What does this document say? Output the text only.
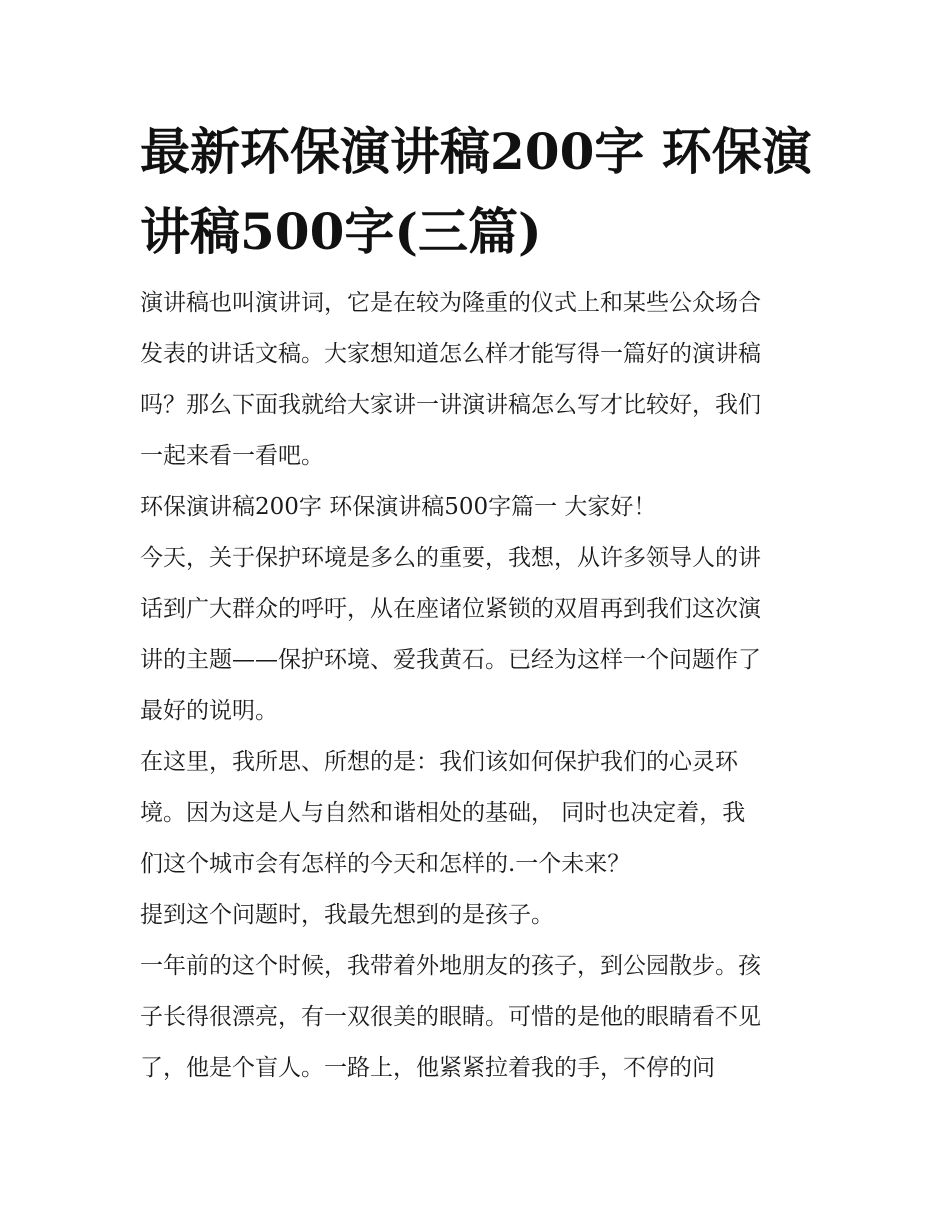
最新环保演讲稿200字 环保演
讲稿500字(三篇)
演讲稿也叫演讲词，它是在较为隆重的仪式上和某些公众场合
发表的讲话文稿。大家想知道怎么样才能写得一篇好的演讲稿
吗？那么下面我就给大家讲一讲演讲稿怎么写才比较好，我们
一起来看一看吧。
环保演讲稿200字 环保演讲稿500字篇一 大家好！
今天，关于保护环境是多么的重要，我想，从许多领导人的讲
话到广大群众的呼吁，从在座诸位紧锁的双眉再到我们这次演
讲的主题——保护环境、爱我黄石。已经为这样一个问题作了
最好的说明。
在这里，我所思、所想的是：我们该如何保护我们的心灵环
境。因为这是人与自然和谐相处的基础， 同时也决定着，我
们这个城市会有怎样的今天和怎样的.一个未来？
提到这个问题时，我最先想到的是孩子。
一年前的这个时候，我带着外地朋友的孩子，到公园散步。孩
子长得很漂亮，有一双很美的眼睛。可惜的是他的眼睛看不见
了，他是个盲人。一路上，他紧紧拉着我的手，不停的问
